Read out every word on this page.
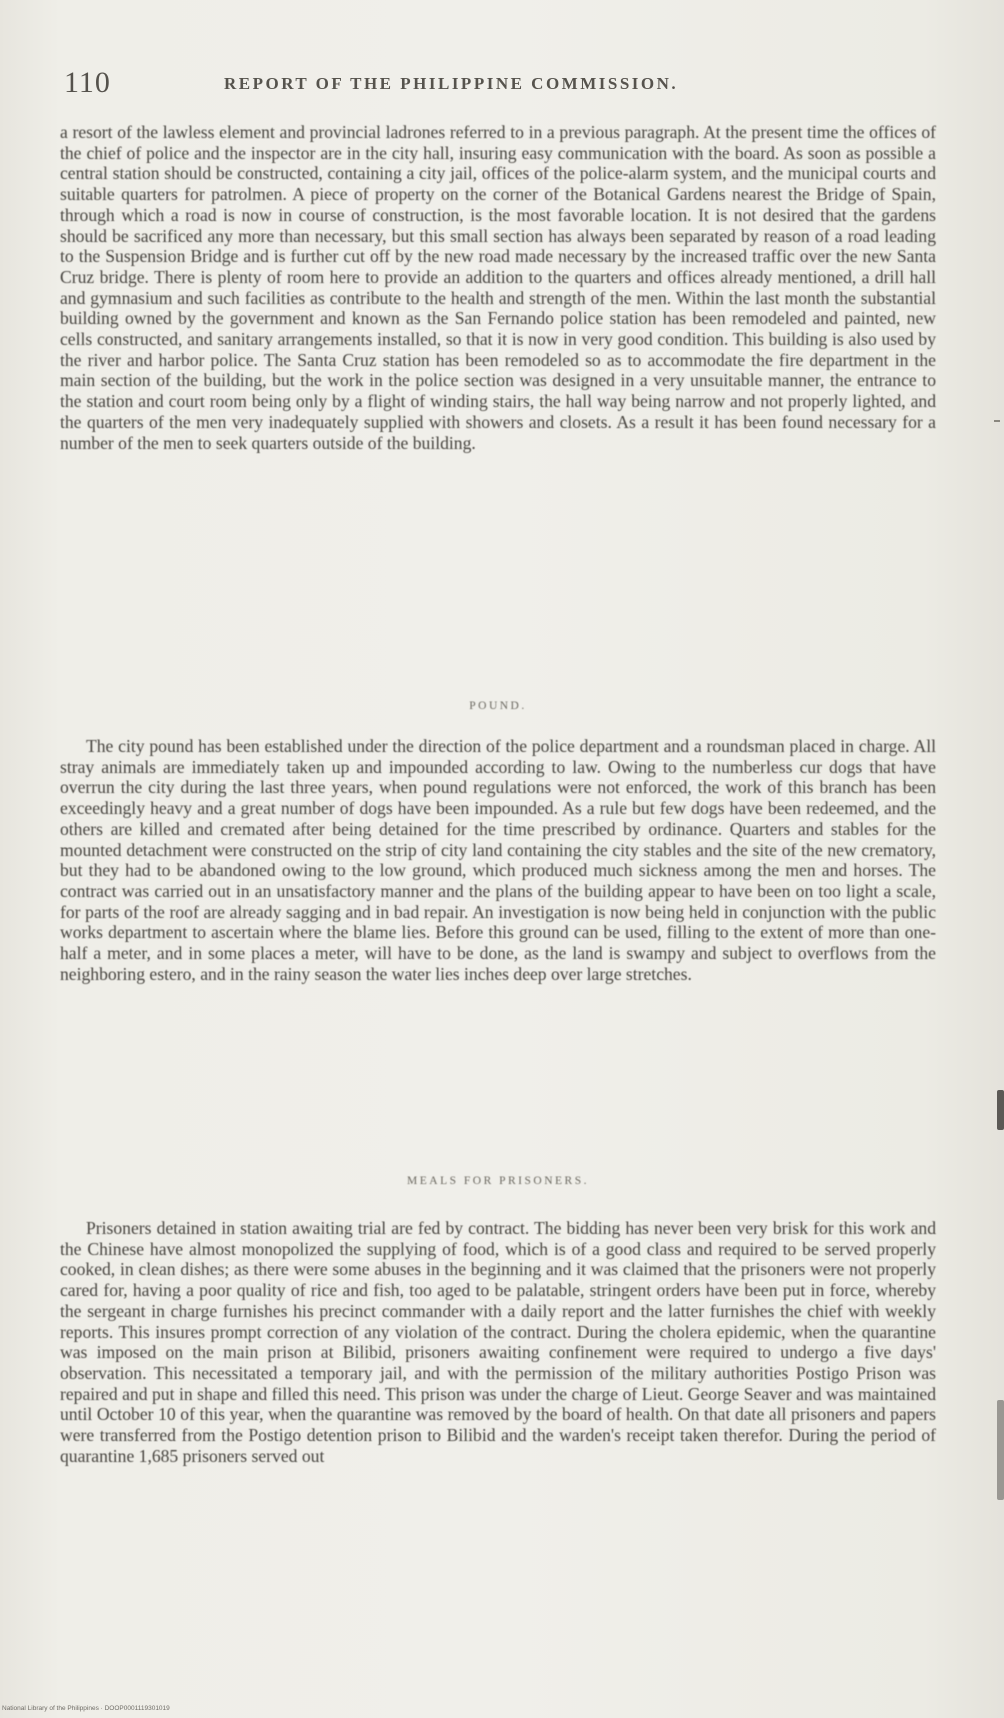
110	REPORT OF THE PHILIPPINE COMMISSION.

a resort of the lawless element and provincial ladrones referred to in a previous paragraph. At the present time the offices of the chief of police and the inspector are in the city hall, insuring easy communication with the board. As soon as possible a central station should be constructed, containing a city jail, offices of the police-alarm system, and the municipal courts and suitable quarters for patrolmen. A piece of property on the corner of the Botanical Gardens nearest the Bridge of Spain, through which a road is now in course of construction, is the most favorable location. It is not desired that the gardens should be sacrificed any more than necessary, but this small section has always been separated by reason of a road leading to the Suspension Bridge and is further cut off by the new road made necessary by the increased traffic over the new Santa Cruz bridge. There is plenty of room here to provide an addition to the quarters and offices already mentioned, a drill hall and gymnasium and such facilities as contribute to the health and strength of the men. Within the last month the substantial building owned by the government and known as the San Fernando police station has been remodeled and painted, new cells constructed, and sanitary arrangements installed, so that it is now in very good condition. This building is also used by the river and harbor police. The Santa Cruz station has been remodeled so as to accommodate the fire department in the main section of the building, but the work in the police section was designed in a very unsuitable manner, the entrance to the station and court room being only by a flight of winding stairs, the hall way being narrow and not properly lighted, and the quarters of the men very inadequately supplied with showers and closets. As a result it has been found necessary for a number of the men to seek quarters outside of the building.

POUND.

The city pound has been established under the direction of the police department and a roundsman placed in charge. All stray animals are immediately taken up and impounded according to law. Owing to the numberless cur dogs that have overrun the city during the last three years, when pound regulations were not enforced, the work of this branch has been exceedingly heavy and a great number of dogs have been impounded. As a rule but few dogs have been redeemed, and the others are killed and cremated after being detained for the time prescribed by ordinance. Quarters and stables for the mounted detachment were constructed on the strip of city land containing the city stables and the site of the new crematory, but they had to be abandoned owing to the low ground, which produced much sickness among the men and horses. The contract was carried out in an unsatisfactory manner and the plans of the building appear to have been on too light a scale, for parts of the roof are already sagging and in bad repair. An investigation is now being held in conjunction with the public works department to ascertain where the blame lies. Before this ground can be used, filling to the extent of more than one-half a meter, and in some places a meter, will have to be done, as the land is swampy and subject to overflows from the neighboring estero, and in the rainy season the water lies inches deep over large stretches.

MEALS FOR PRISONERS.

Prisoners detained in station awaiting trial are fed by contract. The bidding has never been very brisk for this work and the Chinese have almost monopolized the supplying of food, which is of a good class and required to be served properly cooked, in clean dishes; as there were some abuses in the beginning and it was claimed that the prisoners were not properly cared for, having a poor quality of rice and fish, too aged to be palatable, stringent orders have been put in force, whereby the sergeant in charge furnishes his precinct commander with a daily report and the latter furnishes the chief with weekly reports. This insures prompt correction of any violation of the contract. During the cholera epidemic, when the quarantine was imposed on the main prison at Bilibid, prisoners awaiting confinement were required to undergo a five days' observation. This necessitated a temporary jail, and with the permission of the military authorities Postigo Prison was repaired and put in shape and filled this need. This prison was under the charge of Lieut. George Seaver and was maintained until October 10 of this year, when the quarantine was removed by the board of health. On that date all prisoners and papers were transferred from the Postigo detention prison to Bilibid and the warden's receipt taken therefor. During the period of quarantine 1,685 prisoners served out

National Library of the Philippines · DOOP0001119301019
